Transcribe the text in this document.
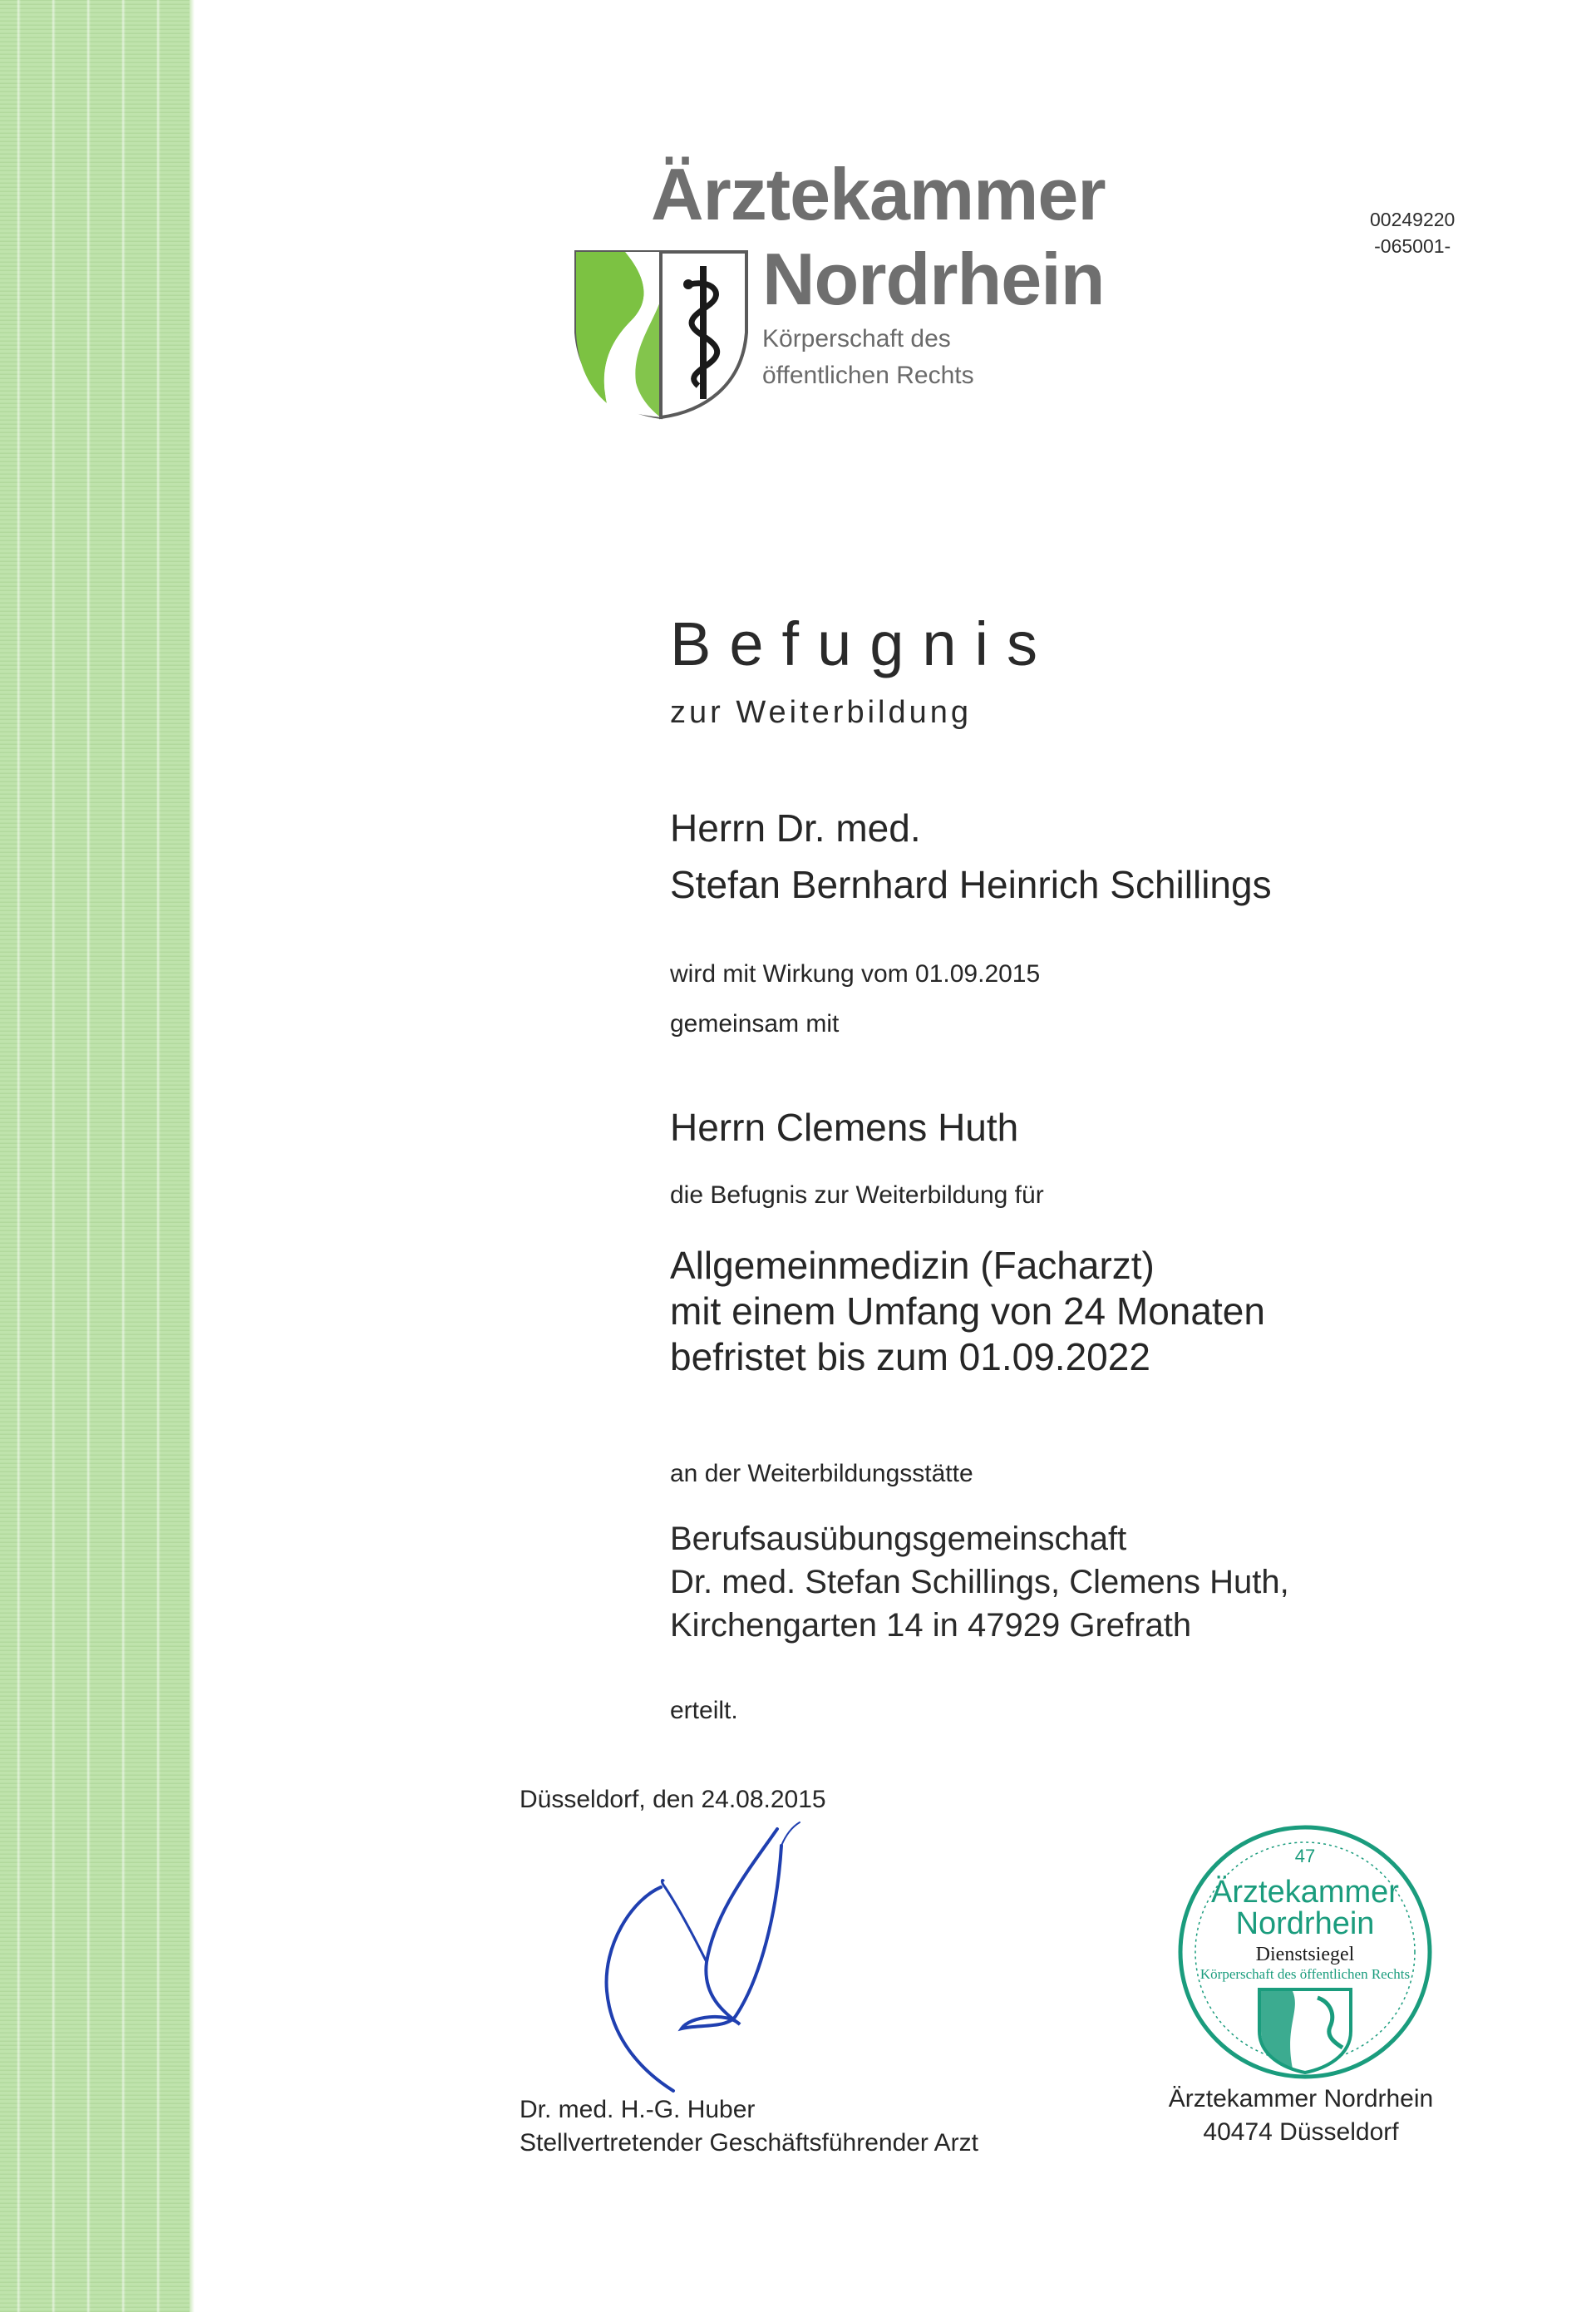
Ärztekammer
Nordrhein
Körperschaft des
öffentlichen Rechts
00249220
-065001-
Befugnis
zur Weiterbildung
Herrn Dr. med.
Stefan Bernhard Heinrich Schillings
wird mit Wirkung vom 01.09.2015
gemeinsam mit
Herrn Clemens Huth
die Befugnis zur Weiterbildung für
Allgemeinmedizin (Facharzt)
mit einem Umfang von 24 Monaten
befristet bis zum 01.09.2022
an der Weiterbildungsstätte
Berufsausübungsgemeinschaft
Dr. med. Stefan Schillings, Clemens Huth,
Kirchengarten 14 in 47929 Grefrath
erteilt.
Düsseldorf, den 24.08.2015
Dr. med. H.-G. Huber
Stellvertretender Geschäftsführender Arzt
47
Ärztekammer
Nordrhein
Dienstsiegel
Körperschaft des öffentlichen Rechts
Ärztekammer Nordrhein
40474 Düsseldorf
